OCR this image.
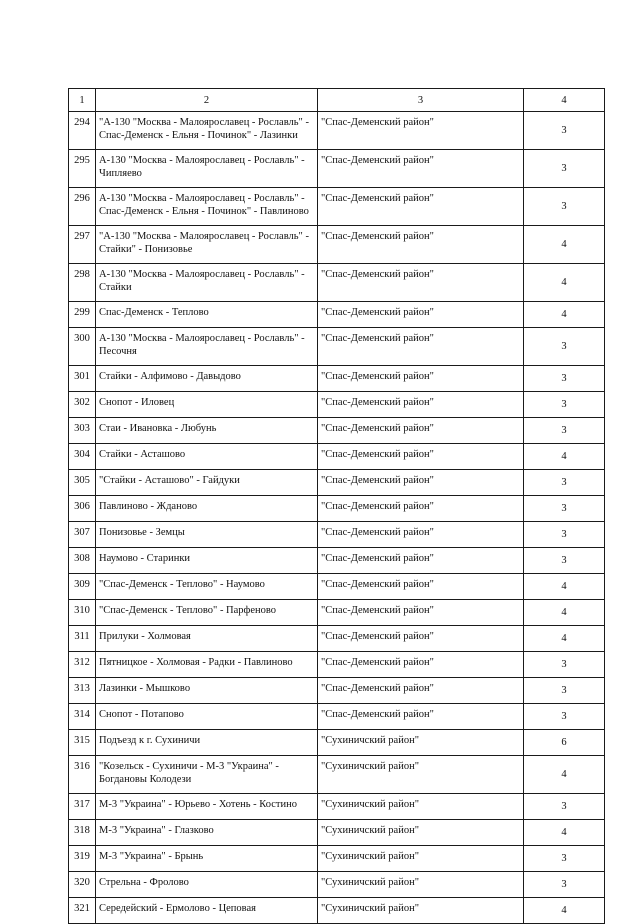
1	2	3	4
294	"А-130 "Москва - Малоярославец - Рославль" - Спас-Деменск - Ельня - Починок" - Лазинки	"Спас-Деменский район"	3
295	А-130 "Москва - Малоярославец - Рославль" - Чипляево	"Спас-Деменский район"	3
296	А-130 "Москва - Малоярославец - Рославль" - Спас-Деменск - Ельня - Починок" - Павлиново	"Спас-Деменский район"	3
297	"А-130 "Москва - Малоярославец - Рославль" - Стайки" - Понизовье	"Спас-Деменский район"	4
298	А-130 "Москва - Малоярославец - Рославль" - Стайки	"Спас-Деменский район"	4
299	Спас-Деменск - Теплово	"Спас-Деменский район"	4
300	А-130 "Москва - Малоярославец - Рославль" - Песочня	"Спас-Деменский район"	3
301	Стайки - Алфимово - Давыдово	"Спас-Деменский район"	3
302	Снопот - Иловец	"Спас-Деменский район"	3
303	Стаи - Ивановка - Любунь	"Спас-Деменский район"	3
304	Стайки - Асташово	"Спас-Деменский район"	4
305	"Стайки - Асташово" - Гайдуки	"Спас-Деменский район"	3
306	Павлиново - Жданово	"Спас-Деменский район"	3
307	Понизовье - Земцы	"Спас-Деменский район"	3
308	Наумово - Старинки	"Спас-Деменский район"	3
309	"Спас-Деменск - Теплово" - Наумово	"Спас-Деменский район"	4
310	"Спас-Деменск - Теплово" - Парфеново	"Спас-Деменский район"	4
311	Прилуки - Холмовая	"Спас-Деменский район"	4
312	Пятницкое - Холмовая - Радки - Павлиново	"Спас-Деменский район"	3
313	Лазинки - Мышково	"Спас-Деменский район"	3
314	Снопот - Потапово	"Спас-Деменский район"	3
315	Подъезд к г. Сухиничи	"Сухиничский район"	6
316	"Козельск - Сухиничи - М-3 "Украина" - Богдановы Колодези	"Сухиничский район"	4
317	М-3 "Украина" - Юрьево - Хотень - Костино	"Сухиничский район"	3
318	М-3 "Украина" - Глазково	"Сухиничский район"	4
319	М-3 "Украина" - Брынь	"Сухиничский район"	3
320	Стрельна - Фролово	"Сухиничский район"	3
321	Середейский - Ермолово - Цеповая	"Сухиничский район"	4
